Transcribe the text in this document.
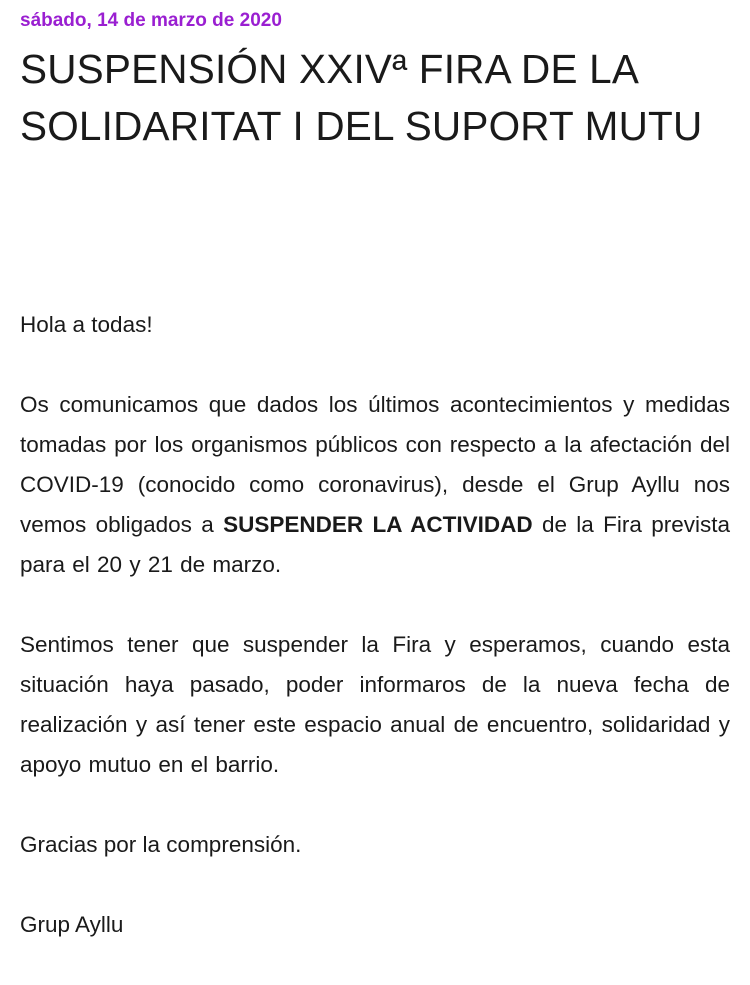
sábado, 14 de marzo de 2020
SUSPENSIÓN XXIVª FIRA DE LA SOLIDARITAT I DEL SUPORT MUTU

Hola a todas!

Os comunicamos que dados los últimos acontecimientos y medidas tomadas por los organismos públicos con respecto a la afectación del COVID-19 (conocido como coronavirus), desde el Grup Ayllu nos vemos obligados a SUSPENDER LA ACTIVIDAD de la Fira prevista para el 20 y 21 de marzo.

Sentimos tener que suspender la Fira y esperamos, cuando esta situación haya pasado, poder informaros de la nueva fecha de realización y así tener este espacio anual de encuentro, solidaridad y apoyo mutuo en el barrio.

Gracias por la comprensión.

Grup Ayllu
